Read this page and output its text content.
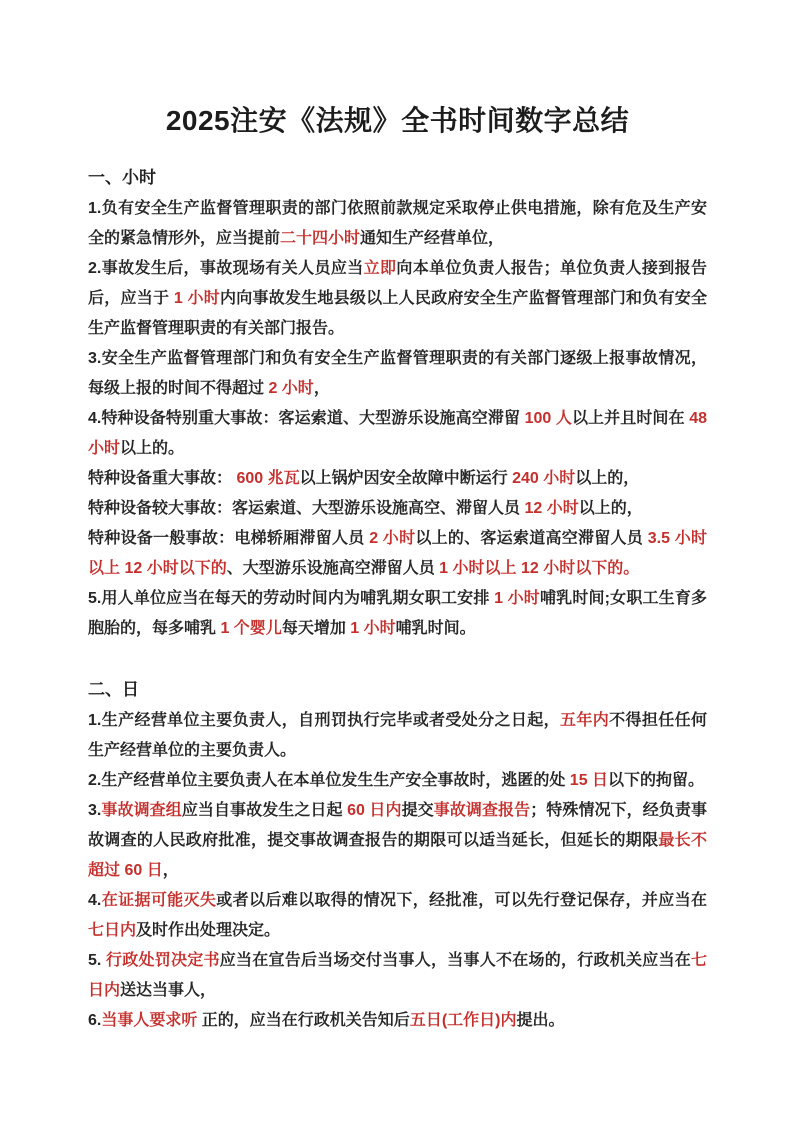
2025注安《法规》全书时间数字总结
一、小时

1.负有安全生产监督管理职责的部门依照前款规定采取停止供电措施，除有危及生产安全的紧急情形外，应当提前二十四小时通知生产经营单位，

2.事故发生后，事故现场有关人员应当立即向本单位负责人报告；单位负责人接到报告后，应当于 1 小时内向事故发生地县级以上人民政府安全生产监督管理部门和负有安全生产监督管理职责的有关部门报告。

3.安全生产监督管理部门和负有安全生产监督管理职责的有关部门逐级上报事故情况，每级上报的时间不得超过 2 小时，

4.特种设备特别重大事故：客运索道、大型游乐设施高空滞留 100 人以上并且时间在 48 小时以上的。

特种设备重大事故： 600 兆瓦以上锅炉因安全故障中断运行 240 小时以上的，

特种设备较大事故：客运索道、大型游乐设施高空、滞留人员 12 小时以上的，

特种设备一般事故：电梯轿厢滞留人员 2 小时以上的、客运索道高空滞留人员 3.5 小时以上 12 小时以下的、大型游乐设施高空滞留人员 1 小时以上 12 小时以下的。

5.用人单位应当在每天的劳动时间内为哺乳期女职工安排 1 小时哺乳时间;女职工生育多胞胎的，每多哺乳 1 个婴儿每天增加 1 小时哺乳时间。

二、日

1.生产经营单位主要负责人，自刑罚执行完毕或者受处分之日起，五年内不得担任任何生产经营单位的主要负责人。

2.生产经营单位主要负责人在本单位发生生产安全事故时，逃匿的处 15 日以下的拘留。

3.事故调查组应当自事故发生之日起 60 日内提交事故调查报告；特殊情况下，经负责事故调查的人民政府批准，提交事故调查报告的期限可以适当延长，但延长的期限最长不超过 60 日，

4.在证据可能灭失或者以后难以取得的情况下，经批准，可以先行登记保存，并应当在七日内及时作出处理决定。

5. 行政处罚决定书应当在宣告后当场交付当事人，当事人不在场的，行政机关应当在七日内送达当事人，

6.当事人要求听 正的，应当在行政机关告知后五日(工作日)内提出。
